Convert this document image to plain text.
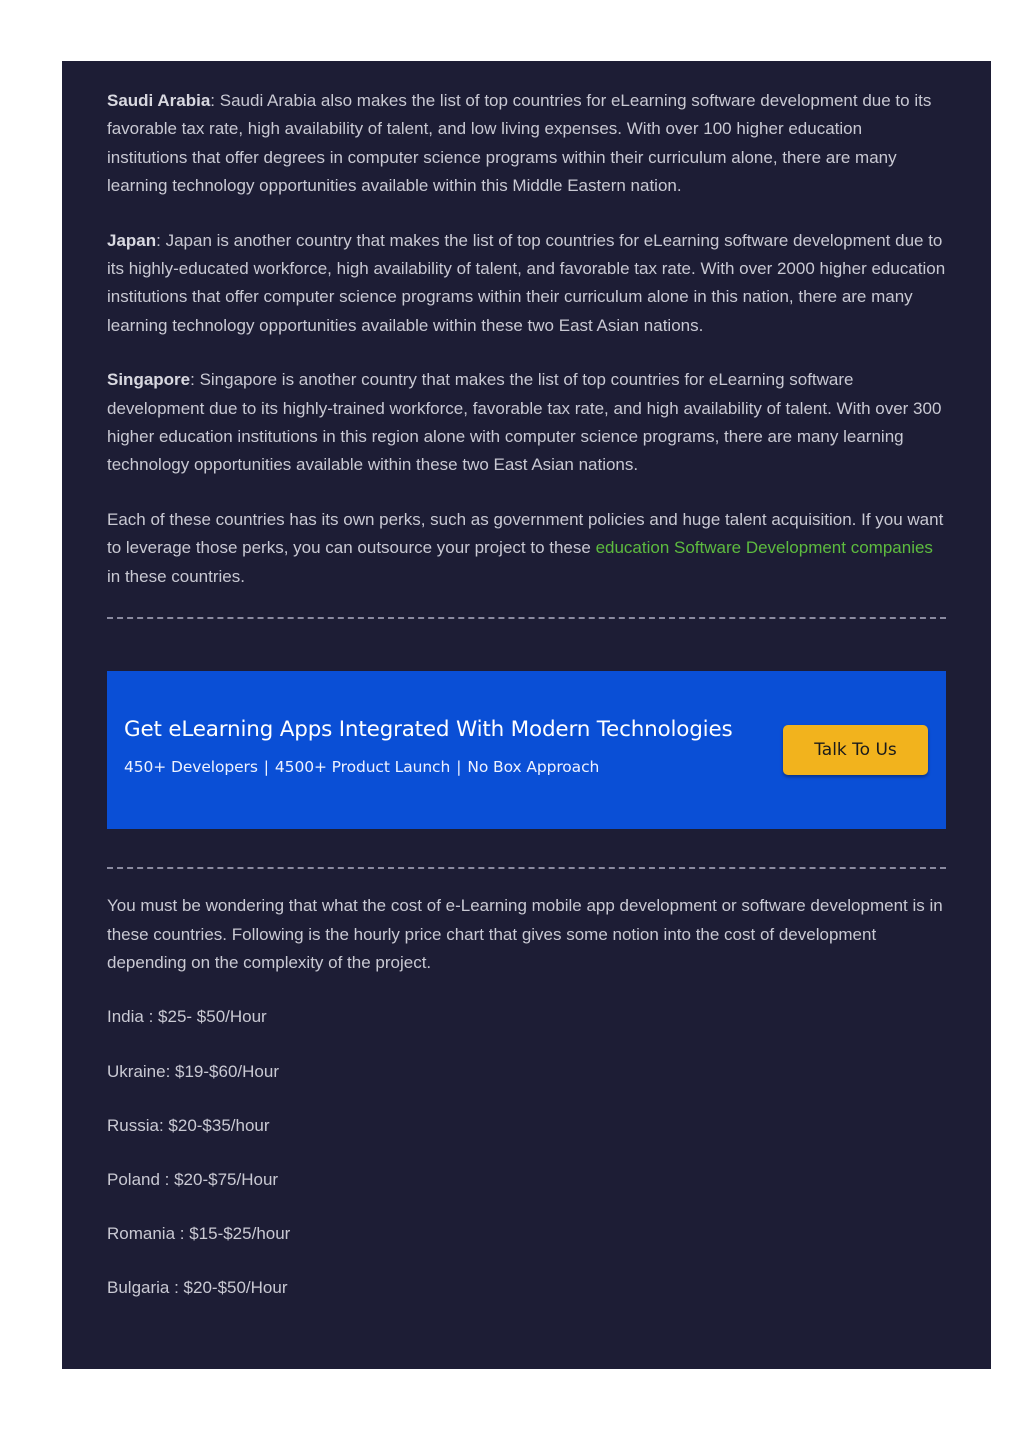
Saudi Arabia: Saudi Arabia also makes the list of top countries for eLearning software development due to its favorable tax rate, high availability of talent, and low living expenses. With over 100 higher education institutions that offer degrees in computer science programs within their curriculum alone, there are many learning technology opportunities available within this Middle Eastern nation.

Japan: Japan is another country that makes the list of top countries for eLearning software development due to its highly-educated workforce, high availability of talent, and favorable tax rate. With over 2000 higher education institutions that offer computer science programs within their curriculum alone in this nation, there are many learning technology opportunities available within these two East Asian nations.

Singapore: Singapore is another country that makes the list of top countries for eLearning software development due to its highly-trained workforce, favorable tax rate, and high availability of talent. With over 300 higher education institutions in this region alone with computer science programs, there are many learning technology opportunities available within these two East Asian nations.

Each of these countries has its own perks, such as government policies and huge talent acquisition. If you want to leverage those perks, you can outsource your project to these education Software Development companies in these countries.

Get eLearning Apps Integrated With Modern Technologies
450+ Developers | 4500+ Product Launch | No Box Approach
Talk To Us

You must be wondering that what the cost of e-Learning mobile app development or software development is in these countries. Following is the hourly price chart that gives some notion into the cost of development depending on the complexity of the project.

India : $25- $50/Hour
Ukraine: $19-$60/Hour
Russia: $20-$35/hour
Poland : $20-$75/Hour
Romania : $15-$25/hour
Bulgaria : $20-$50/Hour
